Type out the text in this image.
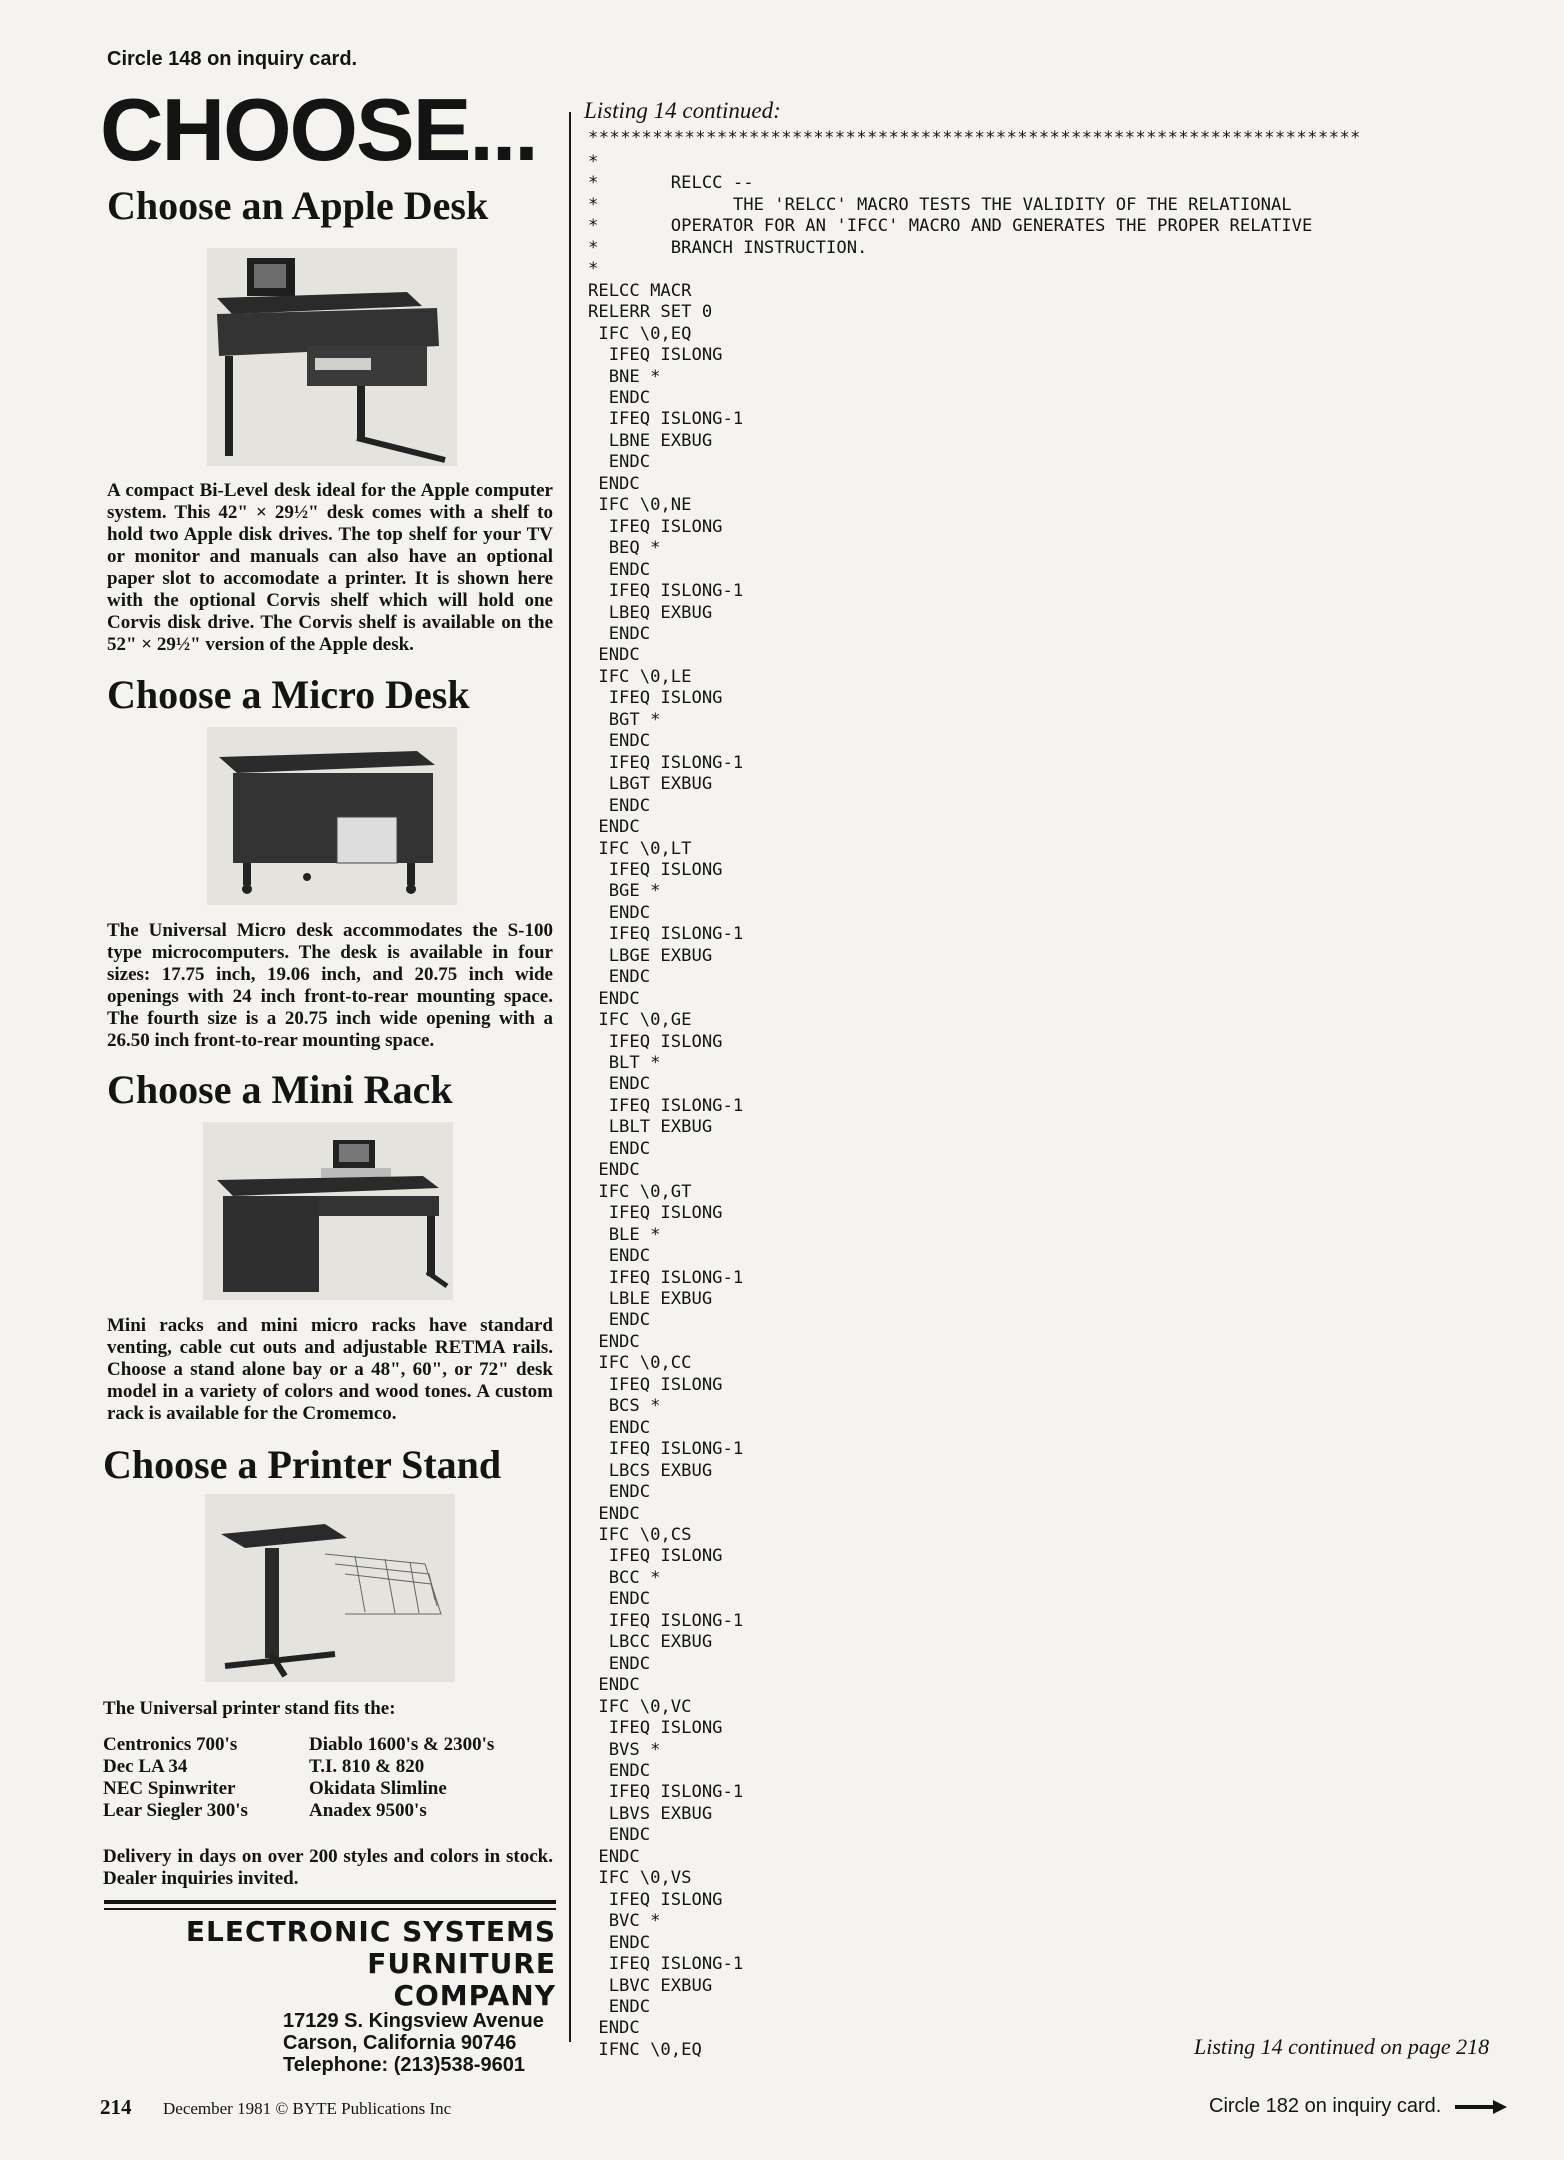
Circle 148 on inquiry card.
CHOOSE...
Choose an Apple Desk
A compact Bi-Level desk ideal for the Apple computer system. This 42" × 29½" desk comes with a shelf to hold two Apple disk drives. The top shelf for your TV or monitor and manuals can also have an optional paper slot to accomodate a printer. It is shown here with the optional Corvis shelf which will hold one Corvis disk drive. The Corvis shelf is available on the 52" × 29½" version of the Apple desk.
Choose a Micro Desk
The Universal Micro desk accommodates the S-100 type microcomputers. The desk is available in four sizes: 17.75 inch, 19.06 inch, and 20.75 inch wide openings with 24 inch front-to-rear mounting space. The fourth size is a 20.75 inch wide opening with a 26.50 inch front-to-rear mounting space.
Choose a Mini Rack
Mini racks and mini micro racks have standard venting, cable cut outs and adjustable RETMA rails. Choose a stand alone bay or a 48", 60", or 72" desk model in a variety of colors and wood tones. A custom rack is available for the Cromemco.
Choose a Printer Stand
The Universal printer stand fits the:
Centronics 700's	Diablo 1600's & 2300's
Dec LA 34	T.I. 810 & 820
NEC Spinwriter	Okidata Slimline
Lear Siegler 300's	Anadex 9500's
Delivery in days on over 200 styles and colors in stock. Dealer inquiries invited.
ELECTRONIC SYSTEMS
FURNITURE
COMPANY
17129 S. Kingsview Avenue
Carson, California 90746
Telephone: (213)538-9601
214 December 1981 © BYTE Publications Inc
Listing 14 continued:
************************************************************************
*
*       RELCC --
*             THE 'RELCC' MACRO TESTS THE VALIDITY OF THE RELATIONAL
*       OPERATOR FOR AN 'IFCC' MACRO AND GENERATES THE PROPER RELATIVE
*       BRANCH INSTRUCTION.
*
RELCC MACR
RELERR SET 0
IFC \0,EQ
IFEQ ISLONG
BNE *
ENDC
IFEQ ISLONG-1
LBNE EXBUG
ENDC
ENDC
IFC \0,NE
IFEQ ISLONG
BEQ *
ENDC
IFEQ ISLONG-1
LBEQ EXBUG
ENDC
ENDC
IFC \0,LE
IFEQ ISLONG
BGT *
ENDC
IFEQ ISLONG-1
LBGT EXBUG
ENDC
ENDC
IFC \0,LT
IFEQ ISLONG
BGE *
ENDC
IFEQ ISLONG-1
LBGE EXBUG
ENDC
ENDC
IFC \0,GE
IFEQ ISLONG
BLT *
ENDC
IFEQ ISLONG-1
LBLT EXBUG
ENDC
ENDC
IFC \0,GT
IFEQ ISLONG
BLE *
ENDC
IFEQ ISLONG-1
LBLE EXBUG
ENDC
ENDC
IFC \0,CC
IFEQ ISLONG
BCS *
ENDC
IFEQ ISLONG-1
LBCS EXBUG
ENDC
ENDC
IFC \0,CS
IFEQ ISLONG
BCC *
ENDC
IFEQ ISLONG-1
LBCC EXBUG
ENDC
ENDC
IFC \0,VC
IFEQ ISLONG
BVS *
ENDC
IFEQ ISLONG-1
LBVS EXBUG
ENDC
ENDC
IFC \0,VS
IFEQ ISLONG
BVC *
ENDC
IFEQ ISLONG-1
LBVC EXBUG
ENDC
ENDC
IFNC \0,EQ	Listing 14 continued on page 218
Circle 182 on inquiry card.
